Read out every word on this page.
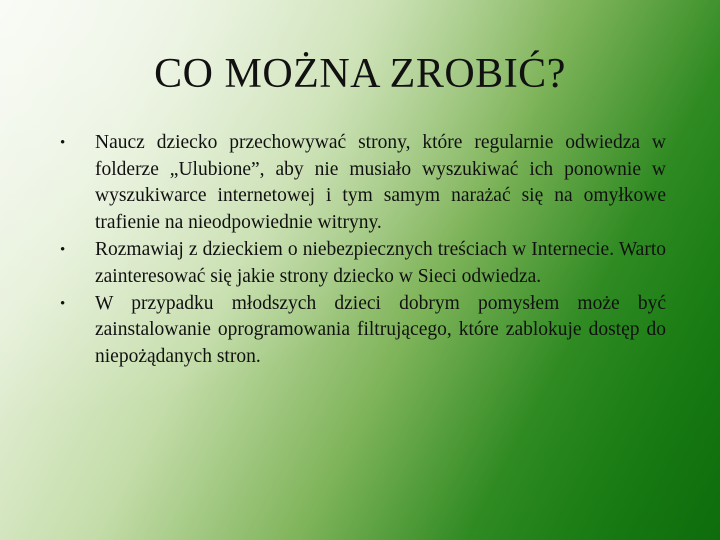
CO MOŻNA ZROBIĆ?
• Naucz dziecko przechowywać strony, które regularnie odwiedza w folderze „Ulubione”, aby nie musiało wyszukiwać ich ponownie w wyszukiwarce internetowej i tym samym narażać się na omyłkowe trafienie na nieodpowiednie witryny.
• Rozmawiaj z dzieckiem o niebezpiecznych treściach w Internecie. Warto zainteresować się jakie strony dziecko w Sieci odwiedza.
• W przypadku młodszych dzieci dobrym pomysłem może być zainstalowanie oprogramowania filtrującego, które zablokuje dostęp do niepożądanych stron.
